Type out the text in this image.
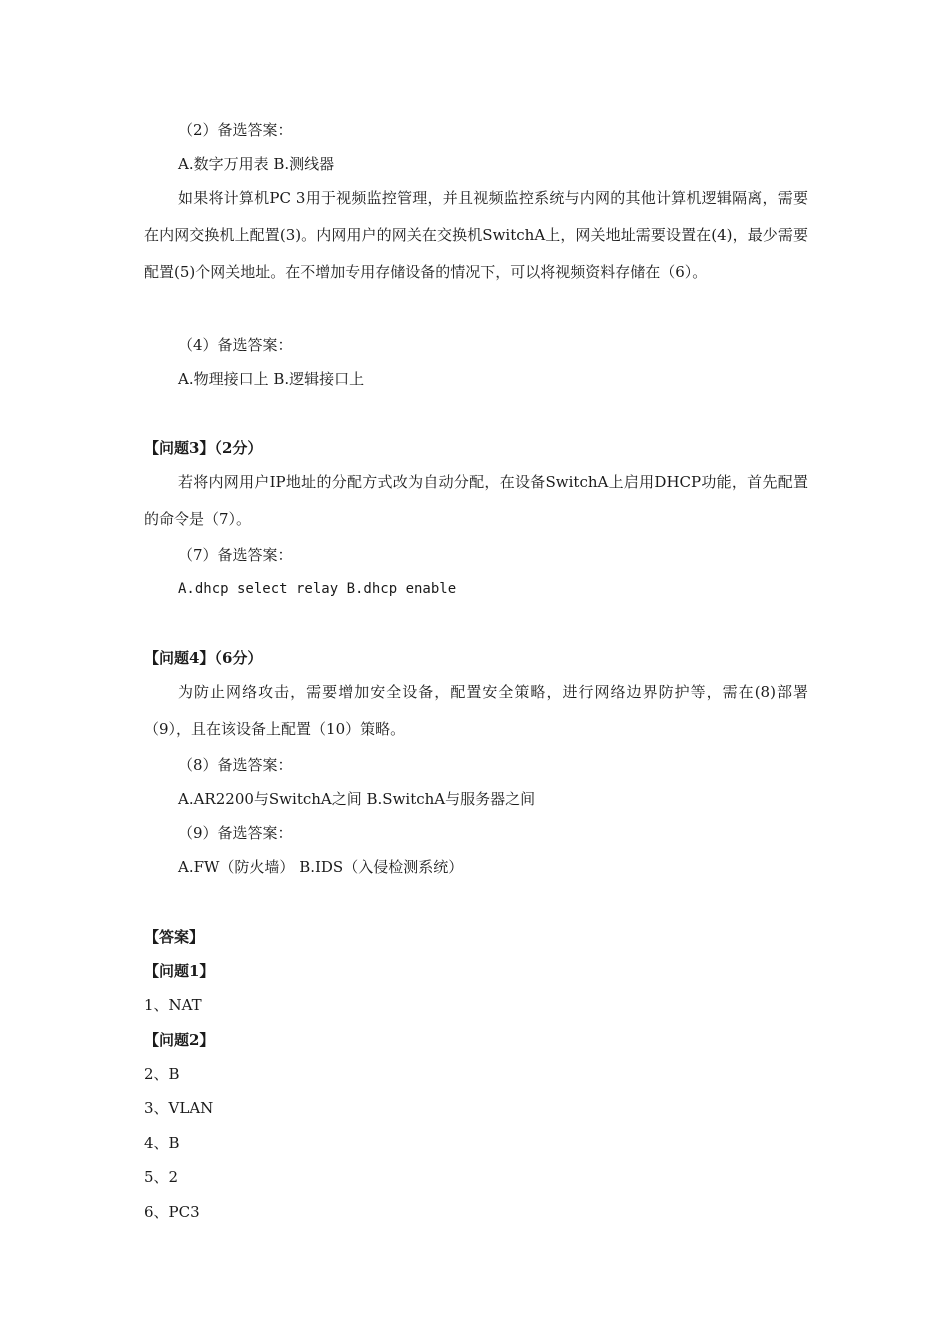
（2）备选答案：
A.数字万用表 B.测线器
如果将计算机PC 3用于视频监控管理，并且视频监控系统与内网的其他计算机逻辑隔离，需要在内网交换机上配置(3)。内网用户的网关在交换机SwitchA上，网关地址需要设置在(4)，最少需要配置(5)个网关地址。在不增加专用存储设备的情况下，可以将视频资料存储在（6）。
（4）备选答案：
A.物理接口上 B.逻辑接口上
【问题3】（2分）
若将内网用户IP地址的分配方式改为自动分配，在设备SwitchA上启用DHCP功能，首先配置的命令是（7）。
（7）备选答案：
A.dhcp select relay B.dhcp enable
【问题4】（6分）
为防止网络攻击，需要增加安全设备，配置安全策略，进行网络边界防护等，需在(8)部署（9），且在该设备上配置（10）策略。
（8）备选答案：
A.AR2200与SwitchA之间 B.SwitchA与服务器之间
（9）备选答案：
A.FW（防火墙） B.IDS（入侵检测系统）
【答案】
【问题1】
1、NAT
【问题2】
2、B
3、VLAN
4、B
5、2
6、PC3
